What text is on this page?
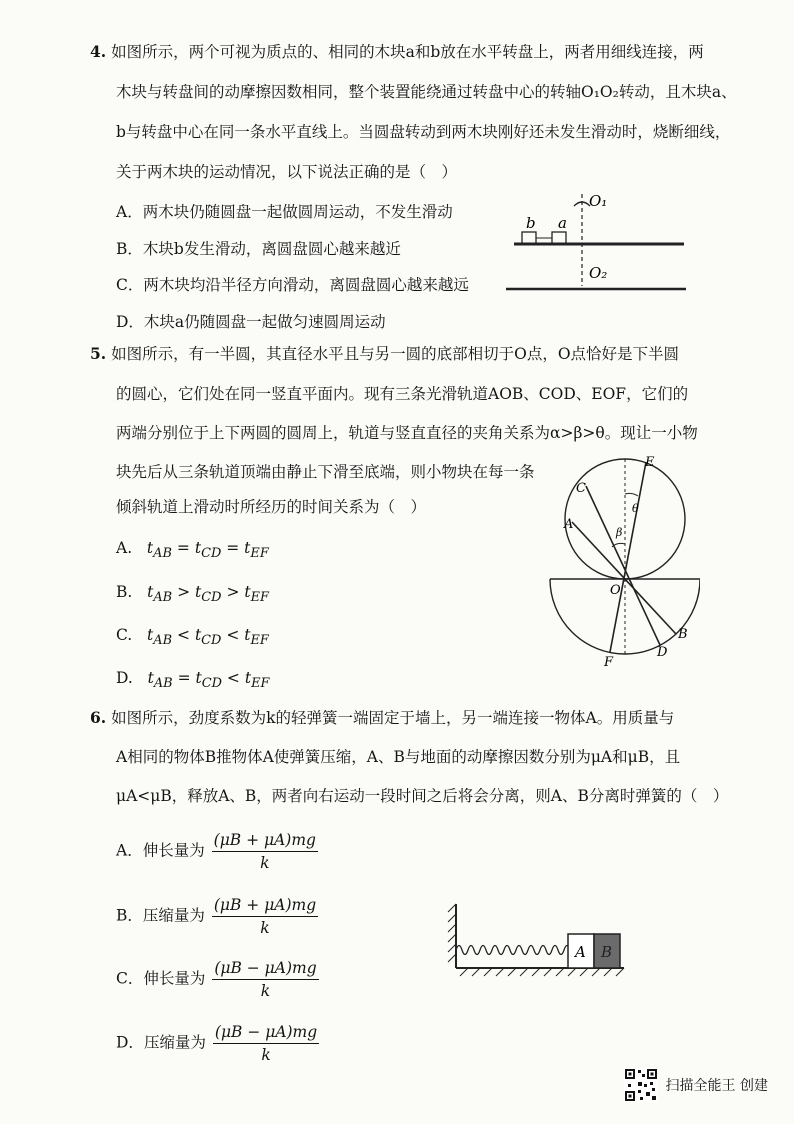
4. 如图所示，两个可视为质点的、相同的木块a和b放在水平转盘上，两者用细线连接，两
木块与转盘间的动摩擦因数相同，整个装置能绕通过转盘中心的转轴O₁O₂转动，且木块a、
b与转盘中心在同一条水平直线上。当圆盘转动到两木块刚好还未发生滑动时，烧断细线，
关于两木块的运动情况，以下说法正确的是（　）
A．两木块仍随圆盘一起做圆周运动，不发生滑动
B．木块b发生滑动，离圆盘圆心越来越近
C．两木块均沿半径方向滑动，离圆盘圆心越来越远
D．木块a仍随圆盘一起做匀速圆周运动
b a
O₁
O₂
5. 如图所示，有一半圆，其直径水平且与另一圆的底部相切于O点，O点恰好是下半圆
的圆心，它们处在同一竖直平面内。现有三条光滑轨道AOB、COD、EOF，它们的
两端分别位于上下两圆的圆周上，轨道与竖直直径的夹角关系为α>β>θ。现让一小物
块先后从三条轨道顶端由静止下滑至底端，则小物块在每一条
倾斜轨道上滑动时所经历的时间关系为（　）
A. $t_{AB} = t_{CD} = t_{EF}$
B. $t_{AB} > t_{CD} > t_{EF}$
C. $t_{AB} < t_{CD} < t_{EF}$
D. $t_{AB} = t_{CD} < t_{EF}$
E
C
A
θ
β
O
B
D
F
6. 如图所示，劲度系数为k的轻弹簧一端固定于墙上，另一端连接一物体A。用质量与
A相同的物体B推物体A使弹簧压缩，A、B与地面的动摩擦因数分别为μA和μB，且
μA<μB，释放A、B，两者向右运动一段时间之后将会分离，则A、B分离时弹簧的（　）
A．伸长量为 $\frac{(\mu B + \mu A)mg}{k}$
B．压缩量为 $\frac{(\mu B + \mu A)mg}{k}$
C．伸长量为 $\frac{(\mu B - \mu A)mg}{k}$
D．压缩量为 $\frac{(\mu B - \mu A)mg}{k}$
A B
扫描全能王 创建
